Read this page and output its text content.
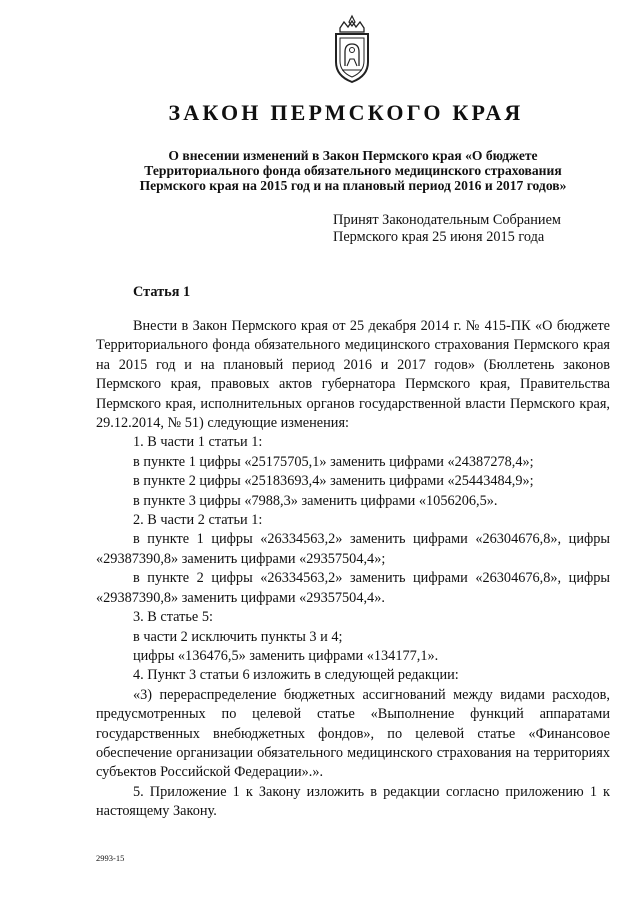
ЗАКОН ПЕРМСКОГО КРАЯ
О внесении изменений в Закон Пермского края «О бюджете
Территориального фонда обязательного медицинского страхования
Пермского края на 2015 год и на плановый период 2016 и 2017 годов»
Принят Законодательным Собранием
Пермского края 25 июня 2015 года
Статья 1
Внести в Закон Пермского края от 25 декабря 2014 г. № 415-ПК «О бюджете Территориального фонда обязательного медицинского страхования Пермского края на 2015 год и на плановый период 2016 и 2017 годов» (Бюллетень законов Пермского края, правовых актов губернатора Пермского края, Правительства Пермского края, исполнительных органов государственной власти Пермского края, 29.12.2014, № 51) следующие изменения:
1. В части 1 статьи 1:
в пункте 1 цифры «25175705,1» заменить цифрами «24387278,4»;
в пункте 2 цифры «25183693,4» заменить цифрами «25443484,9»;
в пункте 3 цифры «7988,3» заменить цифрами «1056206,5».
2. В части 2 статьи 1:
в пункте 1 цифры «26334563,2» заменить цифрами «26304676,8», цифры «29387390,8» заменить цифрами «29357504,4»;
в пункте 2 цифры «26334563,2» заменить цифрами «26304676,8», цифры «29387390,8» заменить цифрами «29357504,4».
3. В статье 5:
в части 2 исключить пункты 3 и 4;
цифры «136476,5» заменить цифрами «134177,1».
4. Пункт 3 статьи 6 изложить в следующей редакции:
«3) перераспределение бюджетных ассигнований между видами расходов, предусмотренных по целевой статье «Выполнение функций аппаратами государственных внебюджетных фондов», по целевой статье «Финансовое обеспечение организации обязательного медицинского страхования на территориях субъектов Российской Федерации».».
5. Приложение 1 к Закону изложить в редакции согласно приложению 1 к настоящему Закону.
2993-15
